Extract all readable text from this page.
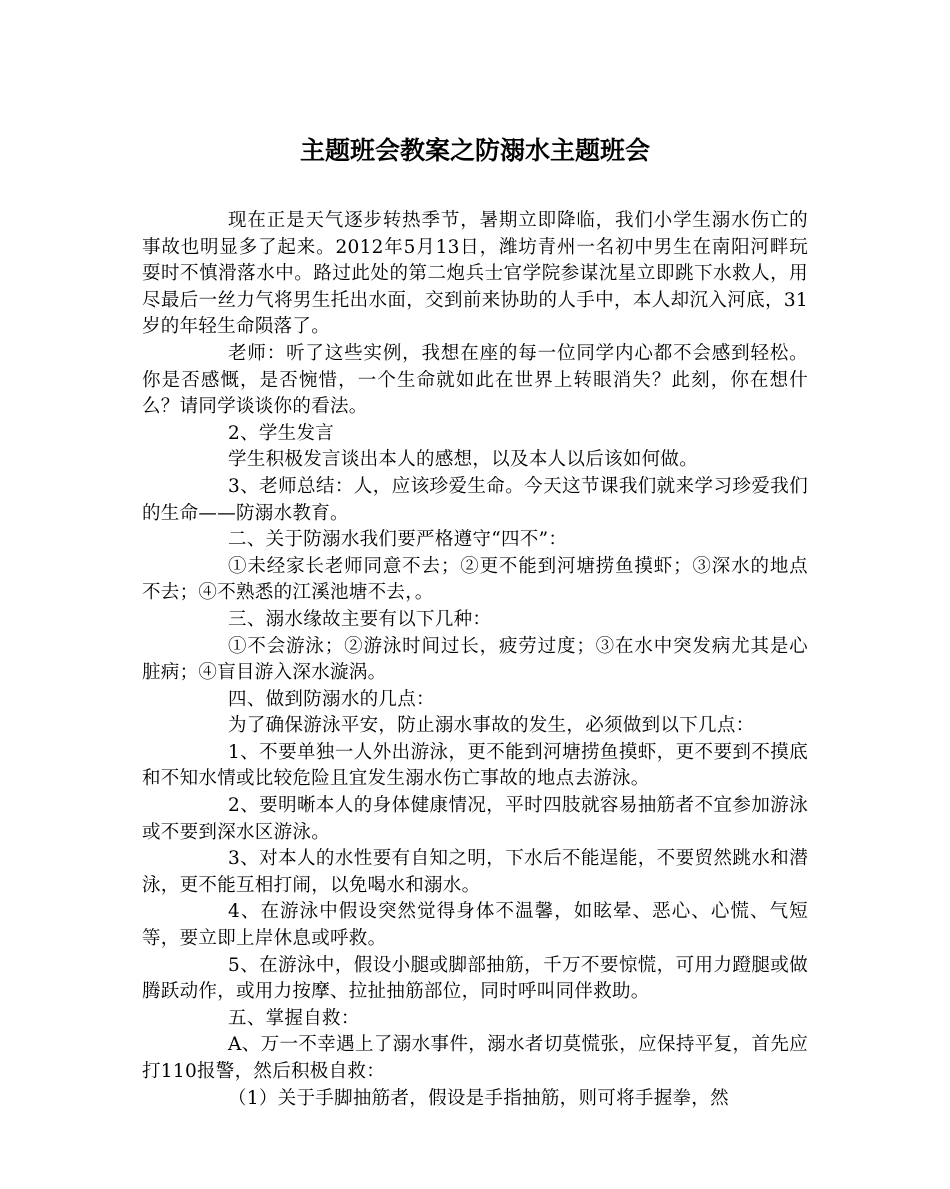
主题班会教案之防溺水主题班会

现在正是天气逐步转热季节，暑期立即降临，我们小学生溺水伤亡的事故也明显多了起来。2012年5月13日，潍坊青州一名初中男生在南阳河畔玩耍时不慎滑落水中。路过此处的第二炮兵士官学院参谋沈星立即跳下水救人，用尽最后一丝力气将男生托出水面，交到前来协助的人手中，本人却沉入河底，31岁的年轻生命陨落了。

老师：听了这些实例，我想在座的每一位同学内心都不会感到轻松。你是否感慨，是否惋惜，一个生命就如此在世界上转眼消失？此刻，你在想什么？请同学谈谈你的看法。

2、学生发言

学生积极发言谈出本人的感想，以及本人以后该如何做。

3、老师总结：人，应该珍爱生命。今天这节课我们就来学习珍爱我们的生命——防溺水教育。

二、关于防溺水我们要严格遵守“四不”：

①未经家长老师同意不去；②更不能到河塘捞鱼摸虾；③深水的地点不去；④不熟悉的江溪池塘不去，。

三、溺水缘故主要有以下几种：

①不会游泳；②游泳时间过长，疲劳过度；③在水中突发病尤其是心脏病；④盲目游入深水漩涡。

四、做到防溺水的几点：

为了确保游泳平安，防止溺水事故的发生，必须做到以下几点：

1、不要单独一人外出游泳，更不能到河塘捞鱼摸虾，更不要到不摸底和不知水情或比较危险且宜发生溺水伤亡事故的地点去游泳。

2、要明晰本人的身体健康情况，平时四肢就容易抽筋者不宜参加游泳或不要到深水区游泳。

3、对本人的水性要有自知之明，下水后不能逞能，不要贸然跳水和潜泳，更不能互相打闹，以免喝水和溺水。

4、在游泳中假设突然觉得身体不温馨，如眩晕、恶心、心慌、气短等，要立即上岸休息或呼救。

5、在游泳中，假设小腿或脚部抽筋，千万不要惊慌，可用力蹬腿或做腾跃动作，或用力按摩、拉扯抽筋部位，同时呼叫同伴救助。

五、掌握自救：

A、万一不幸遇上了溺水事件，溺水者切莫慌张，应保持平复，首先应打110报警，然后积极自救：

（1）关于手脚抽筋者，假设是手指抽筋，则可将手握拳，然
